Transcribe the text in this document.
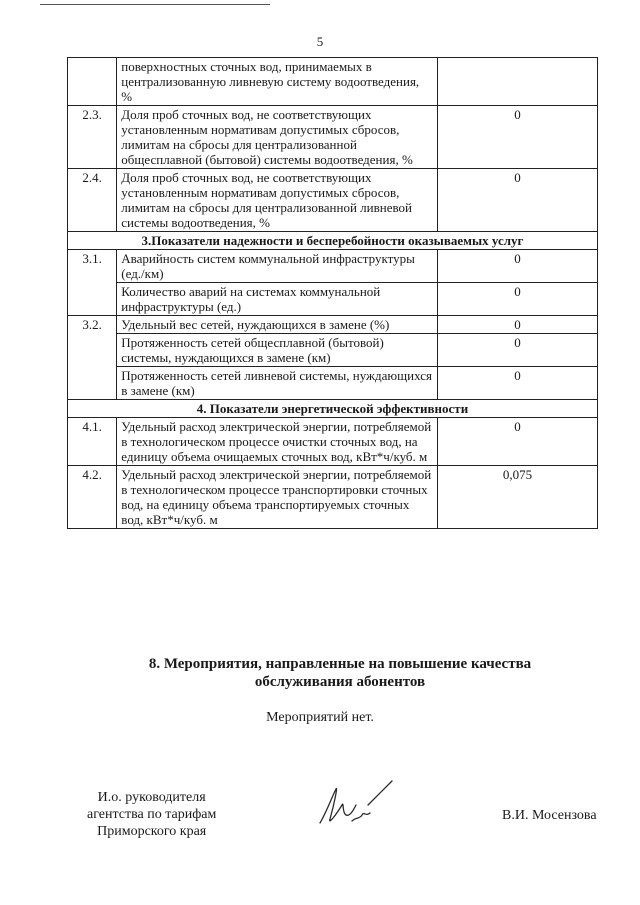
5
	поверхностных сточных вод, принимаемых в централизованную ливневую систему водоотведения, %	
2.3.	Доля проб сточных вод, не соответствующих установленным нормативам допустимых сбросов, лимитам на сбросы для централизованной общесплавной (бытовой) системы водоотведения, %	0
2.4.	Доля проб сточных вод, не соответствующих установленным нормативам допустимых сбросов, лимитам на сбросы для централизованной ливневой системы водоотведения, %	0
3.Показатели надежности и бесперебойности оказываемых услуг		
3.1.	Аварийность систем коммунальной инфраструктуры (ед./км)	0
	Количество аварий на системах коммунальной инфраструктуры (ед.)	0
3.2.	Удельный вес сетей, нуждающихся в замене (%)	0
	Протяженность сетей общесплавной (бытовой) системы, нуждающихся в замене (км)	0
	Протяженность сетей ливневой системы, нуждающихся в замене (км)	0
4. Показатели энергетической эффективности		
4.1.	Удельный расход электрической энергии, потребляемой в технологическом процессе очистки сточных вод, на единицу объема очищаемых сточных вод, кВт*ч/куб. м	0
4.2.	Удельный расход электрической энергии, потребляемой в технологическом процессе транспортировки сточных вод, на единицу объема транспортируемых сточных вод, кВт*ч/куб. м	0,075
8. Мероприятия, направленные на повышение качества
обслуживания абонентов
Мероприятий нет.
И.о. руководителя
агентства по тарифам
Приморского края
В.И. Мосензова
